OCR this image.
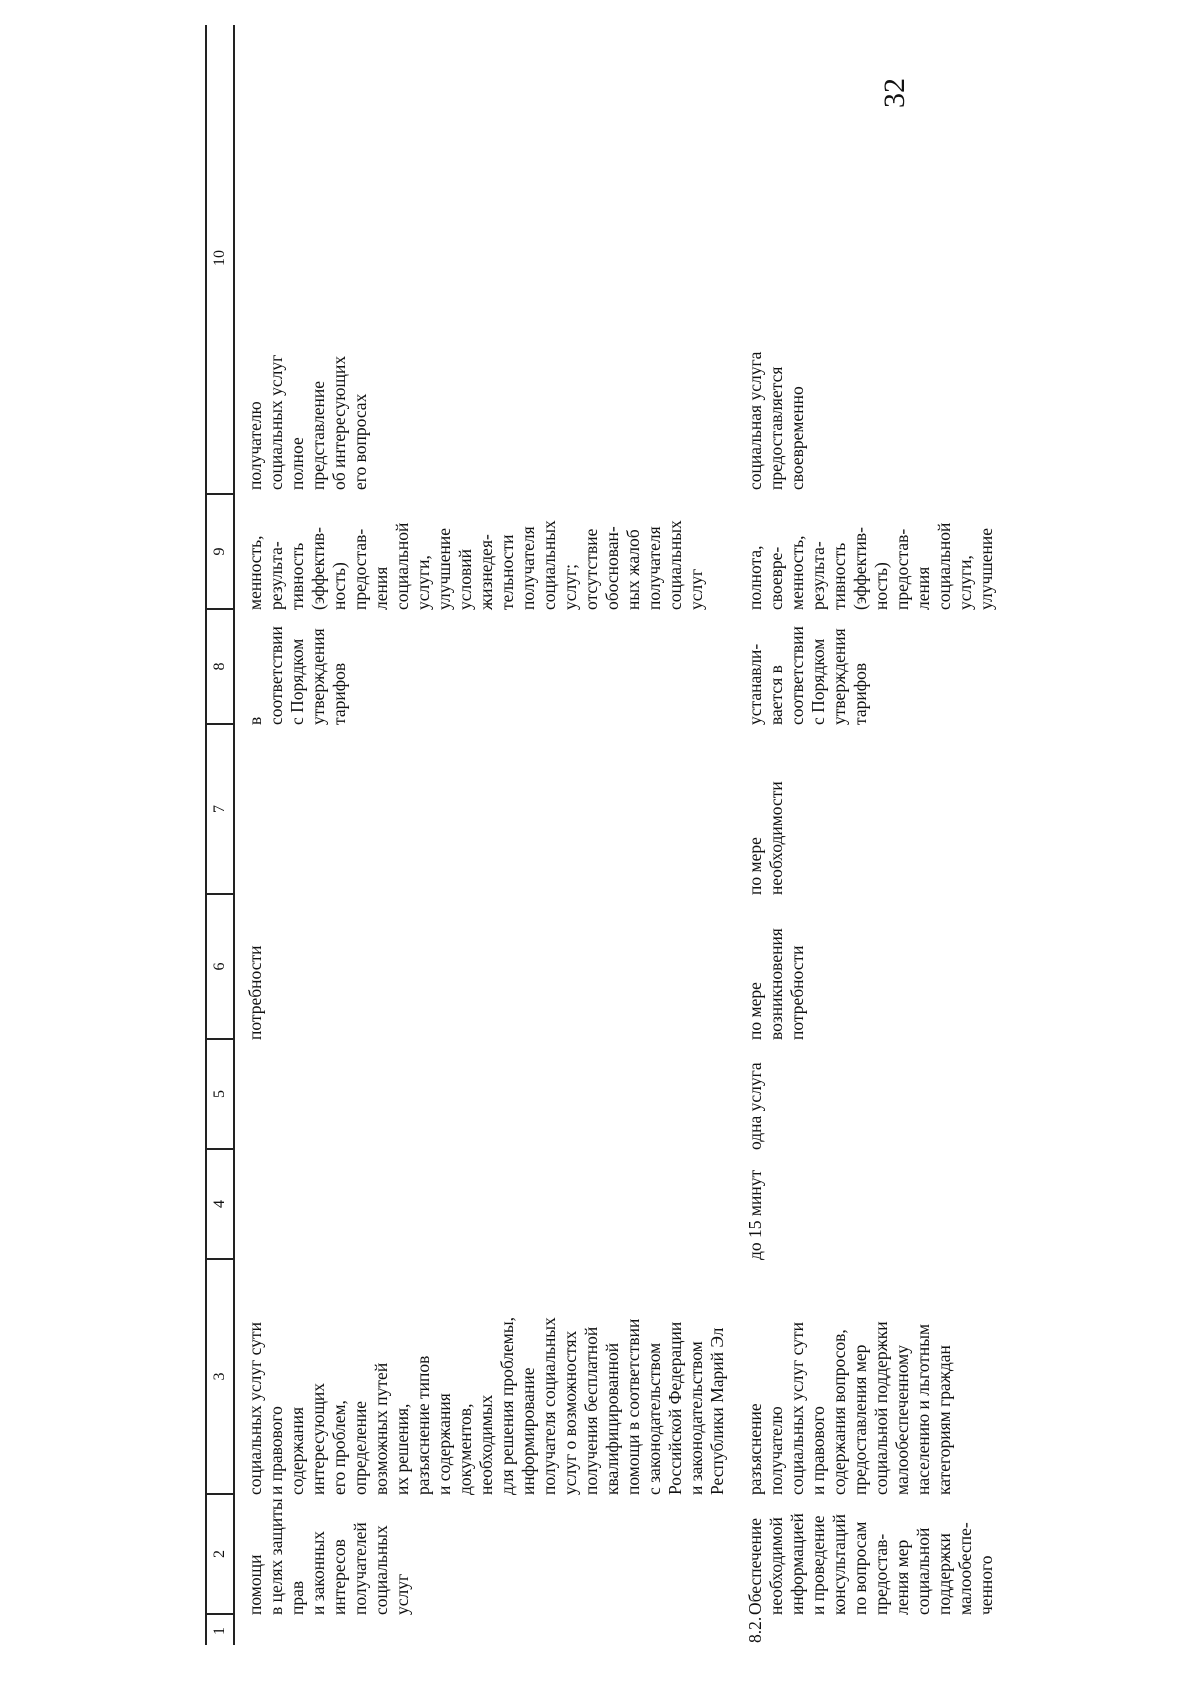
32
1
2
3
4
5
6
7
8
9
10
помощи в целях защиты прав и законных интересов получателей социальных услуг
социальных услуг сути и правового содержания интересующих его проблем, определение возможных путей их решения, разъяснение типов и содержания документов, необходимых для решения проблемы, информирование получателя социальных услуг о возможностях получения бесплатной квалифицированной помощи в соответствии с законодательством Российской Федерации и законодательством Республики Марий Эл
потребности
в соответствии с Порядком утверждения тарифов
менность, результа- тивность (эффектив- ность) предостав- ления социальной услуги, улучшение условий жизнедея- тельности получателя социальных услуг; отсутствие обоснован- ных жалоб получателя социальных услуг
получателю социальных услуг полное представление об интересующих его вопросах
8.2.
Обеспечение необходимой информацией и проведение консультаций по вопросам предостав- ления мер социальной поддержки малообеспе- ченного
разъяснение получателю социальных услуг сути и правового содержания вопросов, предоставления мер социальной поддержки малообеспеченному населению и льготным категориям граждан
до 15 минут
одна услуга
по мере возникновения потребности
по мере необходимости
устанавли- вается в соответствии с Порядком утверждения тарифов
полнота, своевре- менность, результа- тивность (эффектив- ность) предостав- ления социальной услуги, улучшение
социальная услуга предоставляется своевременно
